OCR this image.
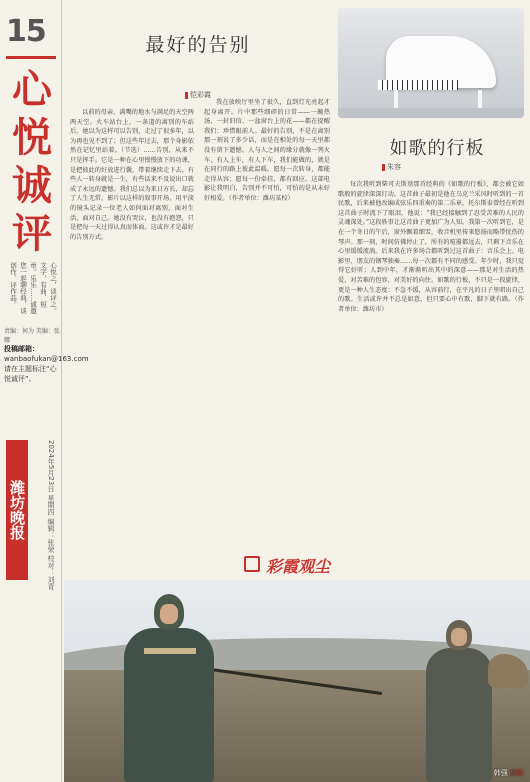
15
心
悦
诚
评
心悦之，谈评之。文字，有曲、短章。乐乐……诚邀您一起聊经典、谈创作、评作品。
责编：何为 美编：张娜
投稿邮箱：
wanbaofukan@163.com
请在主题标注“心悦诚评”。
潍坊晚报	2024年5月23日 星期四 编辑：张荣 校对：刘青
最好的告别
恺彩霞
以前的母亲，满嘴的地水与满足的天空两两天空。火车站台上，一条道的离别的车站后。她以为这样可以告别，走过了很多年，以为再也见不到了；但这些年过去，那个身影依然在记忆里站着。（节选）……告别，从来不只是挥手。它是一种在心里慢慢放下的功课，是把彼此的好放进行囊，带着继续走下去。有些人一转身就是一生，有些话来不及说出口就成了永远的遗憾。我们总以为来日方长，却忘了人生无常。影片以这样的叙事开场，用平淡的镜头记录一位老人如何面对离别，面对生活，面对自己。她没有哭泣，也没有抱怨，只是把每一天过得认真而体面。这或许才是最好的告别方式。
我在放映厅里坐了很久，直到灯光亮起才起身离开。片中那些细碎的日常——一碗热汤、一封旧信、一盆窗台上的花——都在提醒我们：珍惜眼前人。最好的告别，不是在离别那一刻说了多少话，而是在相处的每一天里都没有留下遗憾。人与人之间的缘分就像一列火车，有人上车，有人下车，我们能做的，就是在同行的路上彼此温暖。愿每一次转身，都能走得从容；愿每一份牵挂，都有回应。这部电影让我明白，告别并不可怕，可怕的是从未好好相爱。（作者单位：潍坊某校）
如歌的行板
朱容
每次我听到柴可夫斯基那首经典的《如歌的行板》，都会被它如歌般的旋律深深打动。这首曲子最初是他在乌克兰采风时听到的一首民歌，后来被他改编成弦乐四重奏的第二乐章。托尔斯泰曾经在听到这首曲子时流下了眼泪，他说：“我已经接触到了忍受苦难的人民的灵魂深处。”这段轶事让这首曲子更加广为人知。我第一次听到它，是在一个冬日的午后，窗外飘着细雪，收音机里传来悠扬而略带忧伤的琴声。那一刻，时间仿佛停止了，所有的喧嚣都远去，只剩下音乐在心里缓缓流淌。后来我在许多场合都听到过这首曲子：音乐会上、电影里、朋友的钢琴独奏……每一次都有不同的感受。年少时，我只觉得它好听；人到中年，才渐渐听出其中的深意——那是对生活的热爱，对苦难的包容，对美好的向往。如歌的行板，不只是一段旋律，更是一种人生态度：不急不缓，从容前行，在平凡的日子里唱出自己的歌。生活或许并不总是如意，但只要心中有歌，脚下就有路。（作者单位：潍坊市）
彩霞观尘
韩强 摄影
